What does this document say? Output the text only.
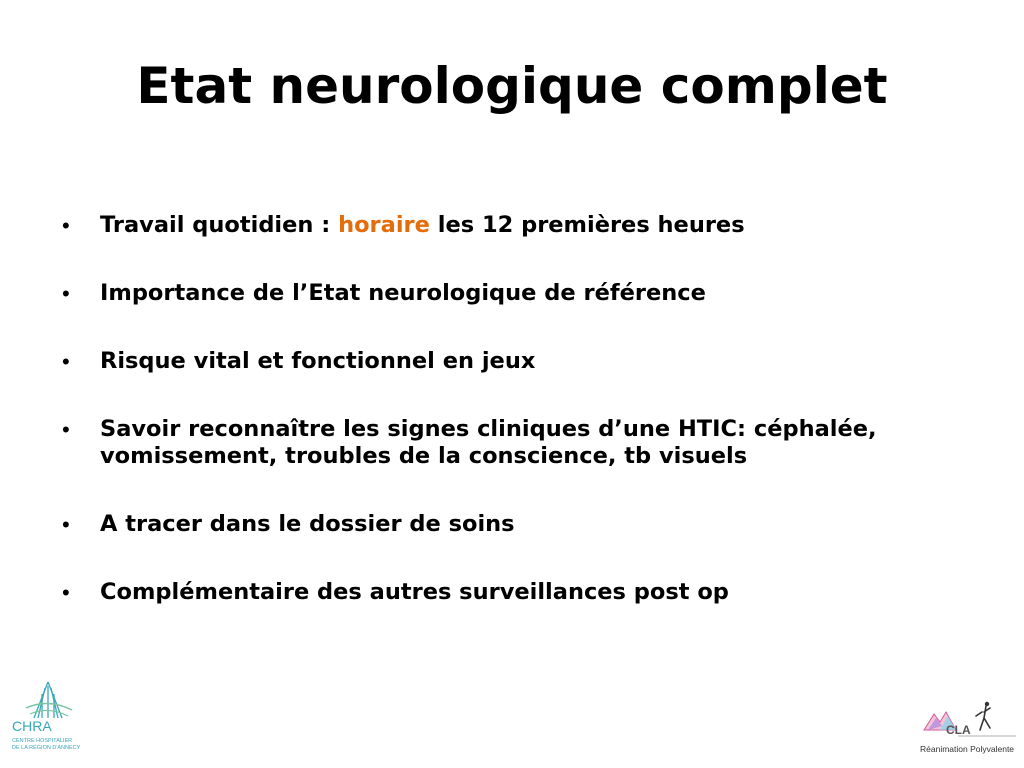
Etat neurologique complet
• Travail quotidien : horaire les 12 premières heures
• Importance de l’Etat neurologique de référence
• Risque vital et fonctionnel en jeux
• Savoir reconnaître les signes cliniques d’une HTIC: céphalée, vomissement, troubles de la conscience, tb visuels
• A tracer dans le dossier de soins
• Complémentaire des autres surveillances post op
CHRA
CENTRE HOSPITALIER
DE LA RÉGION D'ANNECY
CLA
Réanimation Polyvalente
